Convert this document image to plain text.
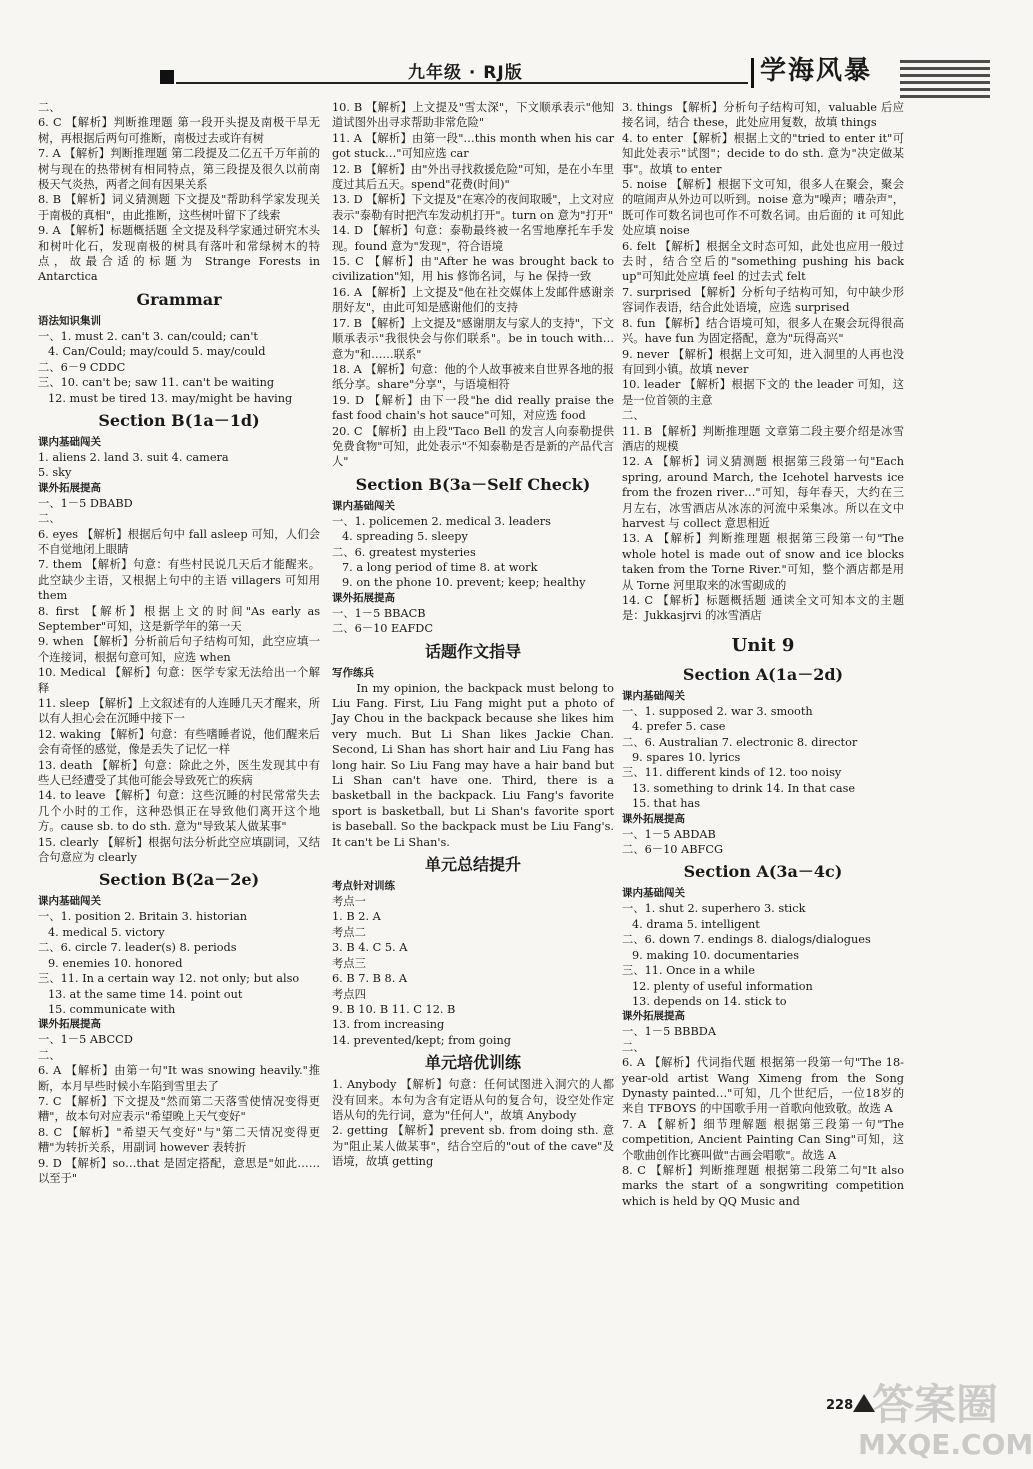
九年级 · RJ版	学海风暴
二、
6. C 【解析】判断推理题 第一段开头提及南极干旱无树，再根据后两句可推断，南极过去或许有树
7. A 【解析】判断推理题 第二段提及二亿五千万年前的树与现在的热带树有相同特点，第三段提及很久以前南极天气炎热，两者之间有因果关系
8. B 【解析】词义猜测题 下文提及"帮助科学家发现关于南极的真相"，由此推断，这些树叶留下了线索
9. A 【解析】标题概括题 全文提及科学家通过研究木头和树叶化石，发现南极的树具有落叶和常绿树木的特点，故最合适的标题为 Strange Forests in Antarctica
Grammar
语法知识集训
一、1. must 2. can't 3. can/could; can't
4. Can/Could; may/could 5. may/could
二、6－9 CDDC
三、10. can't be; saw 11. can't be waiting
12. must be tired 13. may/might be having
Section B(1a－1d)
课内基础闯关
1. aliens 2. land 3. suit 4. camera
5. sky
课外拓展提高
一、1－5 DBABD
二、
6. eyes 【解析】根据后句中 fall asleep 可知，人们会不自觉地闭上眼睛
7. them 【解析】句意：有些村民说几天后才能醒来。此空缺少主语，又根据上句中的主语 villagers 可知用 them
8. first 【解析】根据上文的时间"As early as September"可知，这是新学年的第一天
9. when 【解析】分析前后句子结构可知，此空应填一个连接词，根据句意可知，应选 when
10. Medical 【解析】句意：医学专家无法给出一个解释
11. sleep 【解析】上文叙述有的人连睡几天才醒来，所以有人担心会在沉睡中接下一
12. waking 【解析】句意：有些嗜睡者说，他们醒来后会有奇怪的感觉，像是丢失了记忆一样
13. death 【解析】句意：除此之外，医生发现其中有些人已经遭受了其他可能会导致死亡的疾病
14. to leave 【解析】句意：这些沉睡的村民常常失去几个小时的工作，这种恐惧正在导致他们离开这个地方。cause sb. to do sth. 意为"导致某人做某事"
15. clearly 【解析】根据句法分析此空应填副词，又结合句意应为 clearly
Section B(2a－2e)
课内基础闯关
一、1. position 2. Britain 3. historian
4. medical 5. victory
二、6. circle 7. leader(s) 8. periods
9. enemies 10. honored
三、11. In a certain way 12. not only; but also
13. at the same time 14. point out
15. communicate with
课外拓展提高
一、1－5 ABCCD
二、
6. A 【解析】由第一句"It was snowing heavily."推断，本月早些时候小车陷到雪里去了
7. C 【解析】下文提及"然而第二天落雪使情况变得更糟"，故本句对应表示"希望晚上天气变好"
8. C 【解析】"希望天气变好"与"第二天情况变得更糟"为转折关系，用副词 however 表转折
9. D 【解析】so…that 是固定搭配，意思是"如此……以至于"
10. B 【解析】上文提及"雪太深"，下文顺承表示"他知道试图外出寻求帮助非常危险"
11. A 【解析】由第一段"…this month when his car got stuck…"可知应选 car
12. B 【解析】由"外出寻找救援危险"可知，是在小车里度过其后五天。spend"花费(时间)"
13. D 【解析】下文提及"在寒冷的夜间取暖"，上文对应表示"泰勒有时把汽车发动机打开"。turn on 意为"打开"
14. D 【解析】句意：泰勒最终被一名雪地摩托车手发现。found 意为"发现"，符合语境
15. C 【解析】由"After he was brought back to civilization"知，用 his 修饰名词，与 he 保持一致
16. A 【解析】上文提及"他在社交媒体上发邮件感谢亲朋好友"，由此可知是感谢他们的支持
17. B 【解析】上文提及"感谢朋友与家人的支持"，下文顺承表示"我很快会与你们联系"。be in touch with…意为"和……联系"
18. A 【解析】句意：他的个人故事被来自世界各地的报纸分享。share"分享"，与语境相符
19. D 【解析】由下一段"he did really praise the fast food chain's hot sauce"可知，对应选 food
20. C 【解析】由上段"Taco Bell 的发言人向泰勒提供免费食物"可知，此处表示"不知泰勒是否是新的产品代言人"
Section B(3a－Self Check)
课内基础闯关
一、1. policemen 2. medical 3. leaders
4. spreading 5. sleepy
二、6. greatest mysteries
7. a long period of time 8. at work
9. on the phone 10. prevent; keep; healthy
课外拓展提高
一、1－5 BBACB
二、6－10 EAFDC
话题作文指导
写作练兵
　　In my opinion, the backpack must belong to Liu Fang. First, Liu Fang might put a photo of Jay Chou in the backpack because she likes him very much. But Li Shan likes Jackie Chan. Second, Li Shan has short hair and Liu Fang has long hair. So Liu Fang may have a hair band but Li Shan can't have one. Third, there is a basketball in the backpack. Liu Fang's favorite sport is basketball, but Li Shan's favorite sport is baseball. So the backpack must be Liu Fang's. It can't be Li Shan's.
单元总结提升
考点针对训练
考点一
1. B 2. A
考点二
3. B 4. C 5. A
考点三
6. B 7. B 8. A
考点四
9. B 10. B 11. C 12. B
13. from increasing
14. prevented/kept; from going
单元培优训练
1. Anybody 【解析】句意：任何试图进入洞穴的人都没有回来。本句为含有定语从句的复合句，设空处作定语从句的先行词，意为"任何人"，故填 Anybody
2. getting 【解析】prevent sb. from doing sth. 意为"阻止某人做某事"，结合空后的"out of the cave"及语境，故填 getting
3. things 【解析】分析句子结构可知，valuable 后应接名词，结合 these，此处应用复数，故填 things
4. to enter 【解析】根据上文的"tried to enter it"可知此处表示"试图"；decide to do sth. 意为"决定做某事"。故填 to enter
5. noise 【解析】根据下文可知，很多人在聚会，聚会的喧闹声从外边可以听到。noise 意为"噪声；嘈杂声"，既可作可数名词也可作不可数名词。由后面的 it 可知此处应填 noise
6. felt 【解析】根据全文时态可知，此处也应用一般过去时，结合空后的"something pushing his back up"可知此处应填 feel 的过去式 felt
7. surprised 【解析】分析句子结构可知，句中缺少形容词作表语，结合此处语境，应选 surprised
8. fun 【解析】结合语境可知，很多人在聚会玩得很高兴。have fun 为固定搭配，意为"玩得高兴"
9. never 【解析】根据上文可知，进入洞里的人再也没有回到小镇。故填 never
10. leader 【解析】根据下文的 the leader 可知，这是一位首领的主意
二、
11. B 【解析】判断推理题 文章第二段主要介绍是冰雪酒店的规模
12. A 【解析】词义猜测题 根据第三段第一句"Each spring, around March, the Icehotel harvests ice from the frozen river…"可知，每年春天，大约在三月左右，冰雪酒店从冰冻的河流中采集冰。所以在文中 harvest 与 collect 意思相近
13. A 【解析】判断推理题 根据第三段第一句"The whole hotel is made out of snow and ice blocks taken from the Torne River."可知，整个酒店都是用从 Torne 河里取来的冰雪砌成的
14. C 【解析】标题概括题 通读全文可知本文的主题是：Jukkasjrvi 的冰雪酒店
Unit 9
Section A(1a－2d)
课内基础闯关
一、1. supposed 2. war 3. smooth
4. prefer 5. case
二、6. Australian 7. electronic 8. director
9. spares 10. lyrics
三、11. different kinds of 12. too noisy
13. something to drink 14. In that case
15. that has
课外拓展提高
一、1－5 ABDAB
二、6－10 ABFCG
Section A(3a－4c)
课内基础闯关
一、1. shut 2. superhero 3. stick
4. drama 5. intelligent
二、6. down 7. endings 8. dialogs/dialogues
9. making 10. documentaries
三、11. Once in a while
12. plenty of useful information
13. depends on 14. stick to
课外拓展提高
一、1－5 BBBDA
二、
6. A 【解析】代词指代题 根据第一段第一句"The 18-year-old artist Wang Ximeng from the Song Dynasty painted…"可知，几个世纪后，一位18岁的来自 TFBOYS 的中国歌手用一首歌向他致敬。故选 A
7. A 【解析】细节理解题 根据第三段第一句"The competition, Ancient Painting Can Sing"可知，这个歌曲创作比赛叫做"古画会唱歌"。故选 A
8. C 【解析】判断推理题 根据第二段第二句"It also marks the start of a songwriting competition which is held by QQ Music and
228 答案圈
MXQE.COM
